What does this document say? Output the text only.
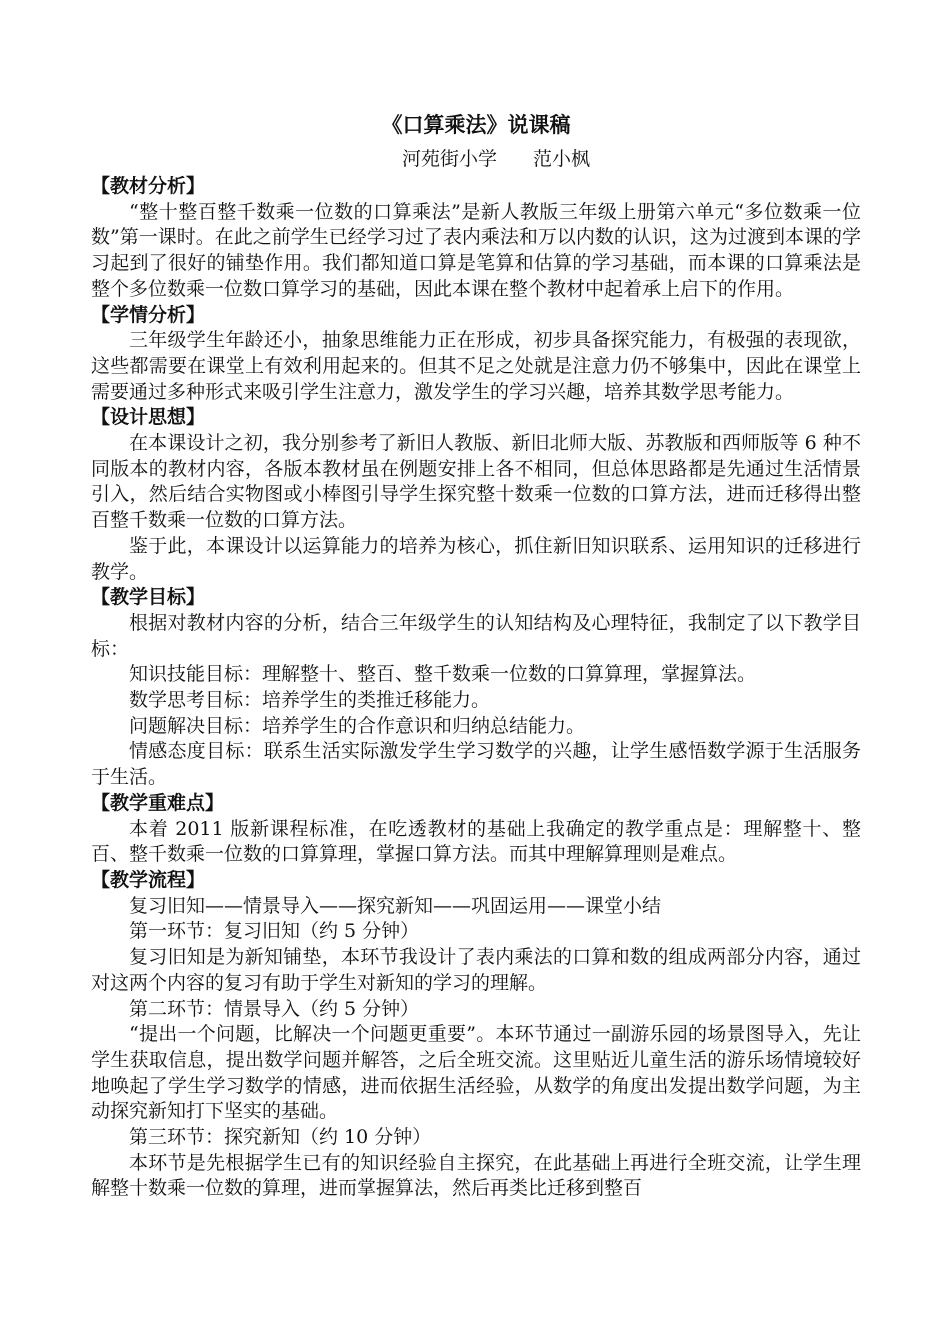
《口算乘法》说课稿

河苑街小学 范小枫

【教材分析】

“整十整百整千数乘一位数的口算乘法”是新人教版三年级上册第六单元“多位数乘一位数”第一课时。在此之前学生已经学习过了表内乘法和万以内数的认识，这为过渡到本课的学习起到了很好的铺垫作用。我们都知道口算是笔算和估算的学习基础，而本课的口算乘法是整个多位数乘一位数口算学习的基础，因此本课在整个教材中起着承上启下的作用。

【学情分析】

三年级学生年龄还小，抽象思维能力正在形成，初步具备探究能力，有极强的表现欲，这些都需要在课堂上有效利用起来的。但其不足之处就是注意力仍不够集中，因此在课堂上需要通过多种形式来吸引学生注意力，激发学生的学习兴趣，培养其数学思考能力。

【设计思想】

在本课设计之初，我分别参考了新旧人教版、新旧北师大版、苏教版和西师版等 6 种不同版本的教材内容，各版本教材虽在例题安排上各不相同，但总体思路都是先通过生活情景引入，然后结合实物图或小棒图引导学生探究整十数乘一位数的口算方法，进而迁移得出整百整千数乘一位数的口算方法。

鉴于此，本课设计以运算能力的培养为核心，抓住新旧知识联系、运用知识的迁移进行教学。

【教学目标】

根据对教材内容的分析，结合三年级学生的认知结构及心理特征，我制定了以下教学目标：

知识技能目标：理解整十、整百、整千数乘一位数的口算算理，掌握算法。

数学思考目标：培养学生的类推迁移能力。

问题解决目标：培养学生的合作意识和归纳总结能力。

情感态度目标：联系生活实际激发学生学习数学的兴趣，让学生感悟数学源于生活服务于生活。

【教学重难点】

本着 2011 版新课程标准，在吃透教材的基础上我确定的教学重点是：理解整十、整百、整千数乘一位数的口算算理，掌握口算方法。而其中理解算理则是难点。

【教学流程】

复习旧知——情景导入——探究新知——巩固运用——课堂小结

第一环节：复习旧知（约 5 分钟）

复习旧知是为新知铺垫，本环节我设计了表内乘法的口算和数的组成两部分内容，通过对这两个内容的复习有助于学生对新知的学习的理解。

第二环节：情景导入（约 5 分钟）

“提出一个问题，比解决一个问题更重要”。本环节通过一副游乐园的场景图导入，先让学生获取信息，提出数学问题并解答，之后全班交流。这里贴近儿童生活的游乐场情境较好地唤起了学生学习数学的情感，进而依据生活经验，从数学的角度出发提出数学问题，为主动探究新知打下坚实的基础。

第三环节：探究新知（约 10 分钟）

本环节是先根据学生已有的知识经验自主探究，在此基础上再进行全班交流，让学生理解整十数乘一位数的算理，进而掌握算法，然后再类比迁移到整百
